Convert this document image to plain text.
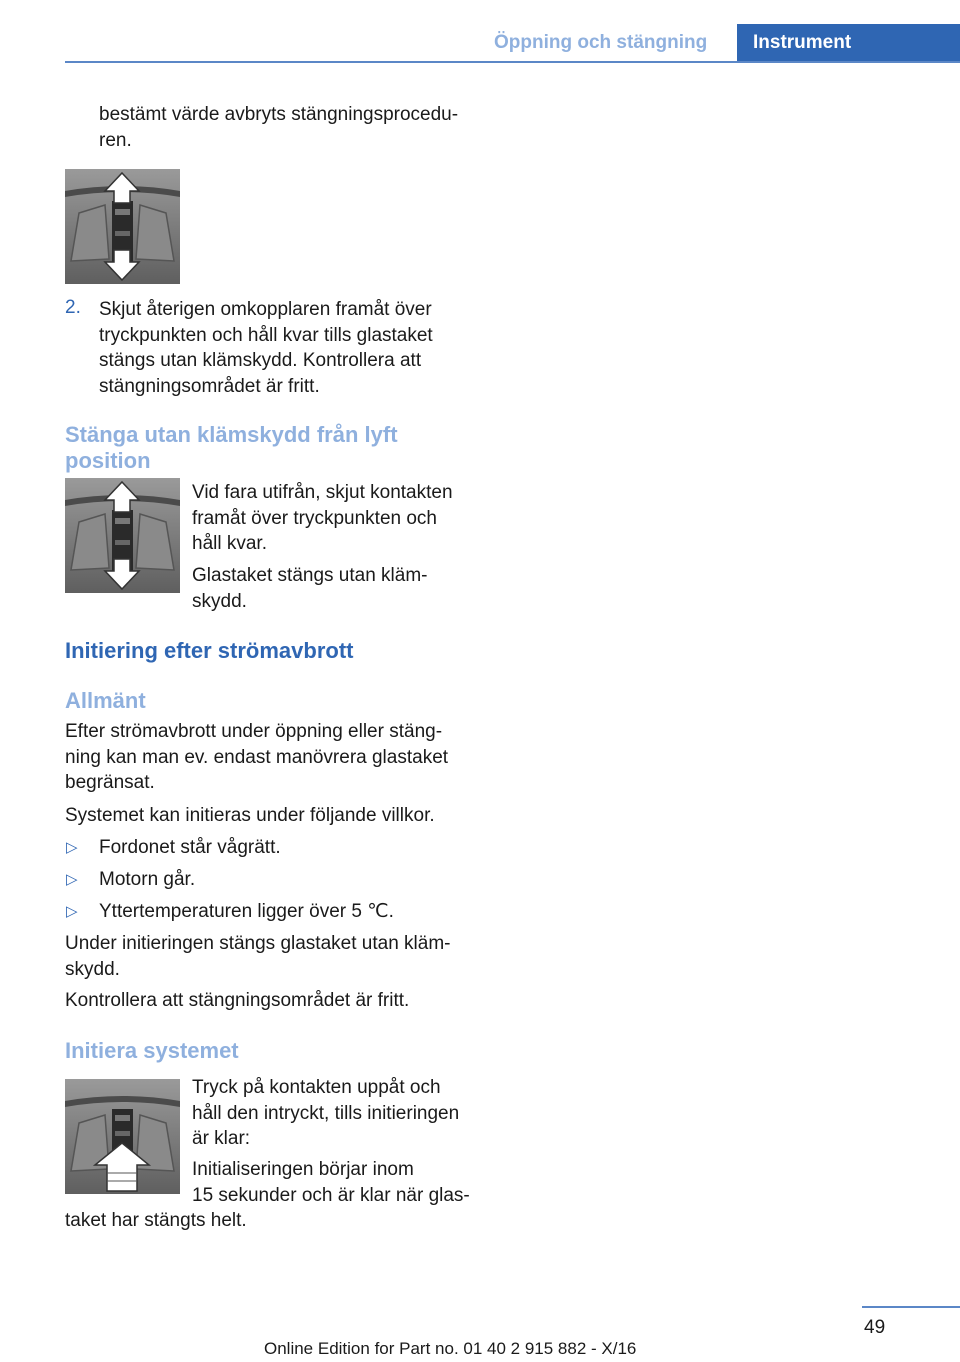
Öppning och stängning Instrument
bestämt värde avbryts stängningsprocedu‐
ren.
2. Skjut återigen omkopplaren framåt över
tryckpunkten och håll kvar tills glastaket
stängs utan klämskydd. Kontrollera att
stängningsområdet är fritt.
Stänga utan klämskydd från lyft
position
Vid fara utifrån, skjut kontakten
framåt över tryckpunkten och
håll kvar.
Glastaket stängs utan kläm‐
skydd.
Initiering efter strömavbrott
Allmänt
Efter strömavbrott under öppning eller stäng‐
ning kan man ev. endast manövrera glastaket
begränsat.
Systemet kan initieras under följande villkor.
▷ Fordonet står vågrätt.
▷ Motorn går.
▷ Yttertemperaturen ligger över 5 ℃.
Under initieringen stängs glastaket utan kläm‐
skydd.
Kontrollera att stängningsområdet är fritt.
Initiera systemet
Tryck på kontakten uppåt och
håll den intryckt, tills initieringen
är klar:
Initialiseringen börjar inom
15 sekunder och är klar när glas‐
taket har stängts helt.
49
Online Edition for Part no. 01 40 2 915 882 - X/16
